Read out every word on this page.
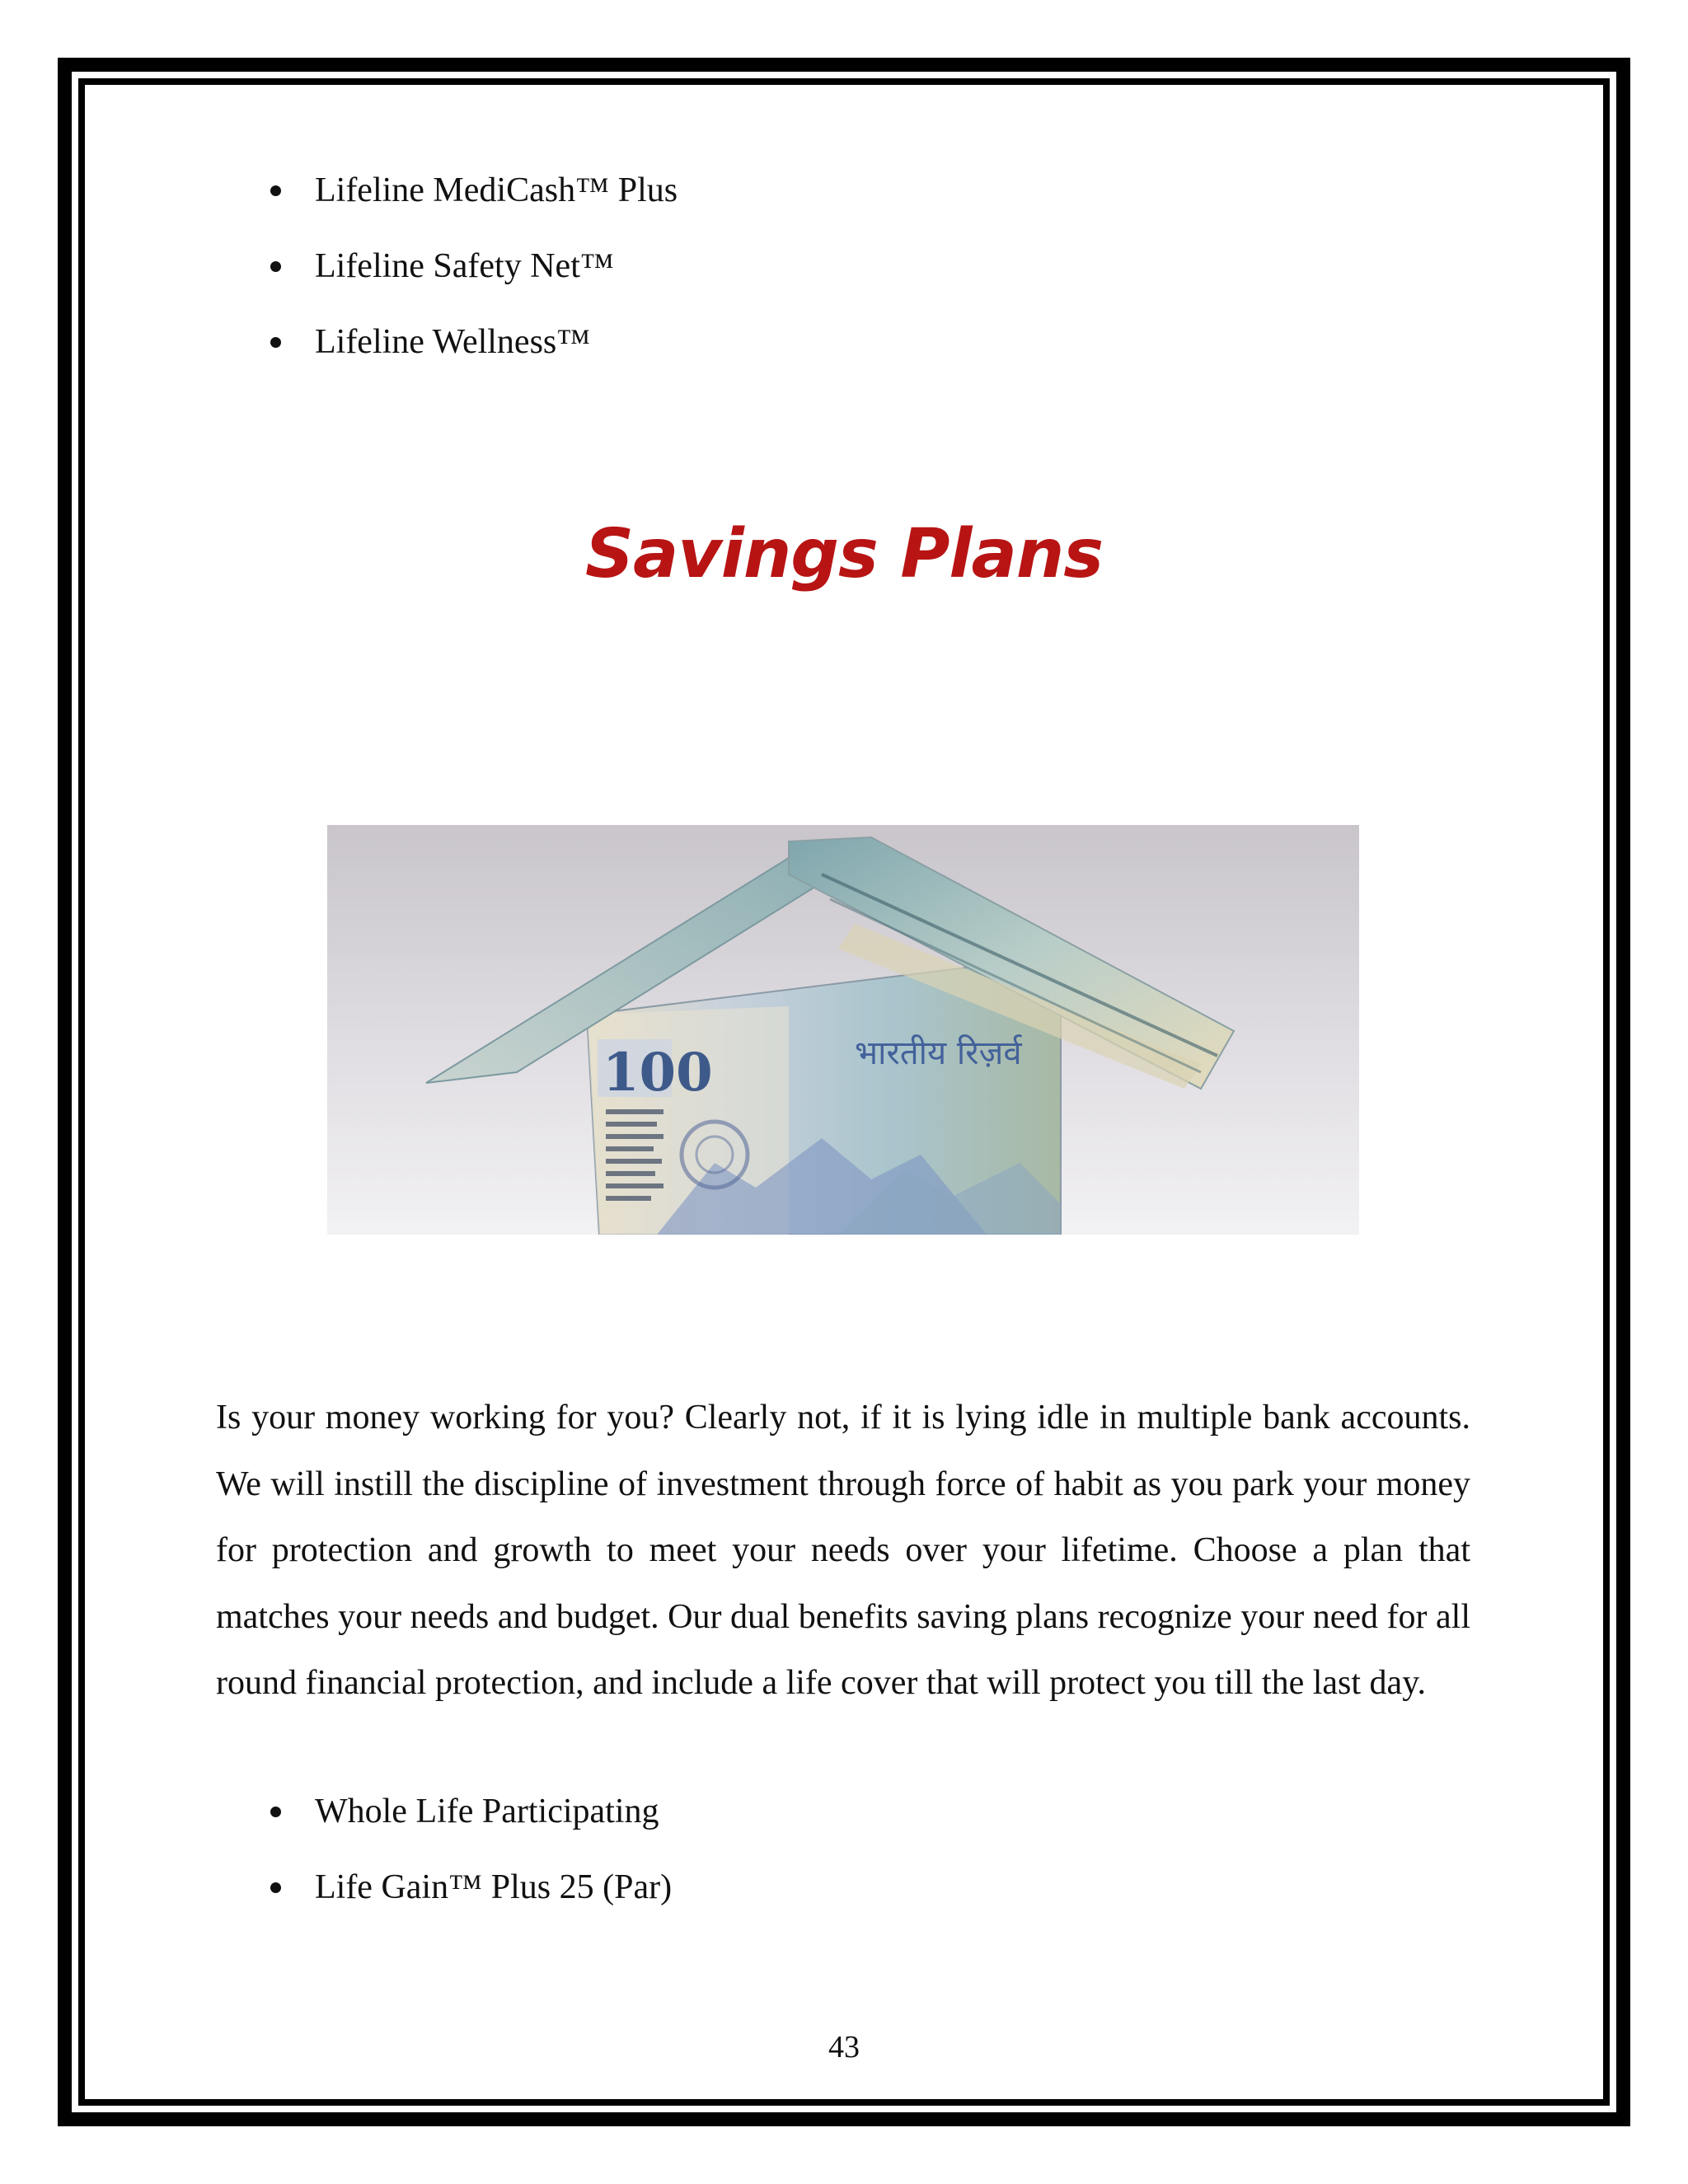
Lifeline MediCash™ Plus
Lifeline Safety Net™
Lifeline Wellness™
Savings Plans
100	भारतीय रिज़र्व

Is your money working for you? Clearly not, if it is lying idle in multiple bank accounts. We will instill the discipline of investment through force of habit as you park your money for protection and growth to meet your needs over your lifetime. Choose a plan that matches your needs and budget. Our dual benefits saving plans recognize your need for all round financial protection, and include a life cover that will protect you till the last day.

Whole Life Participating
Life Gain™ Plus 25 (Par)
43
